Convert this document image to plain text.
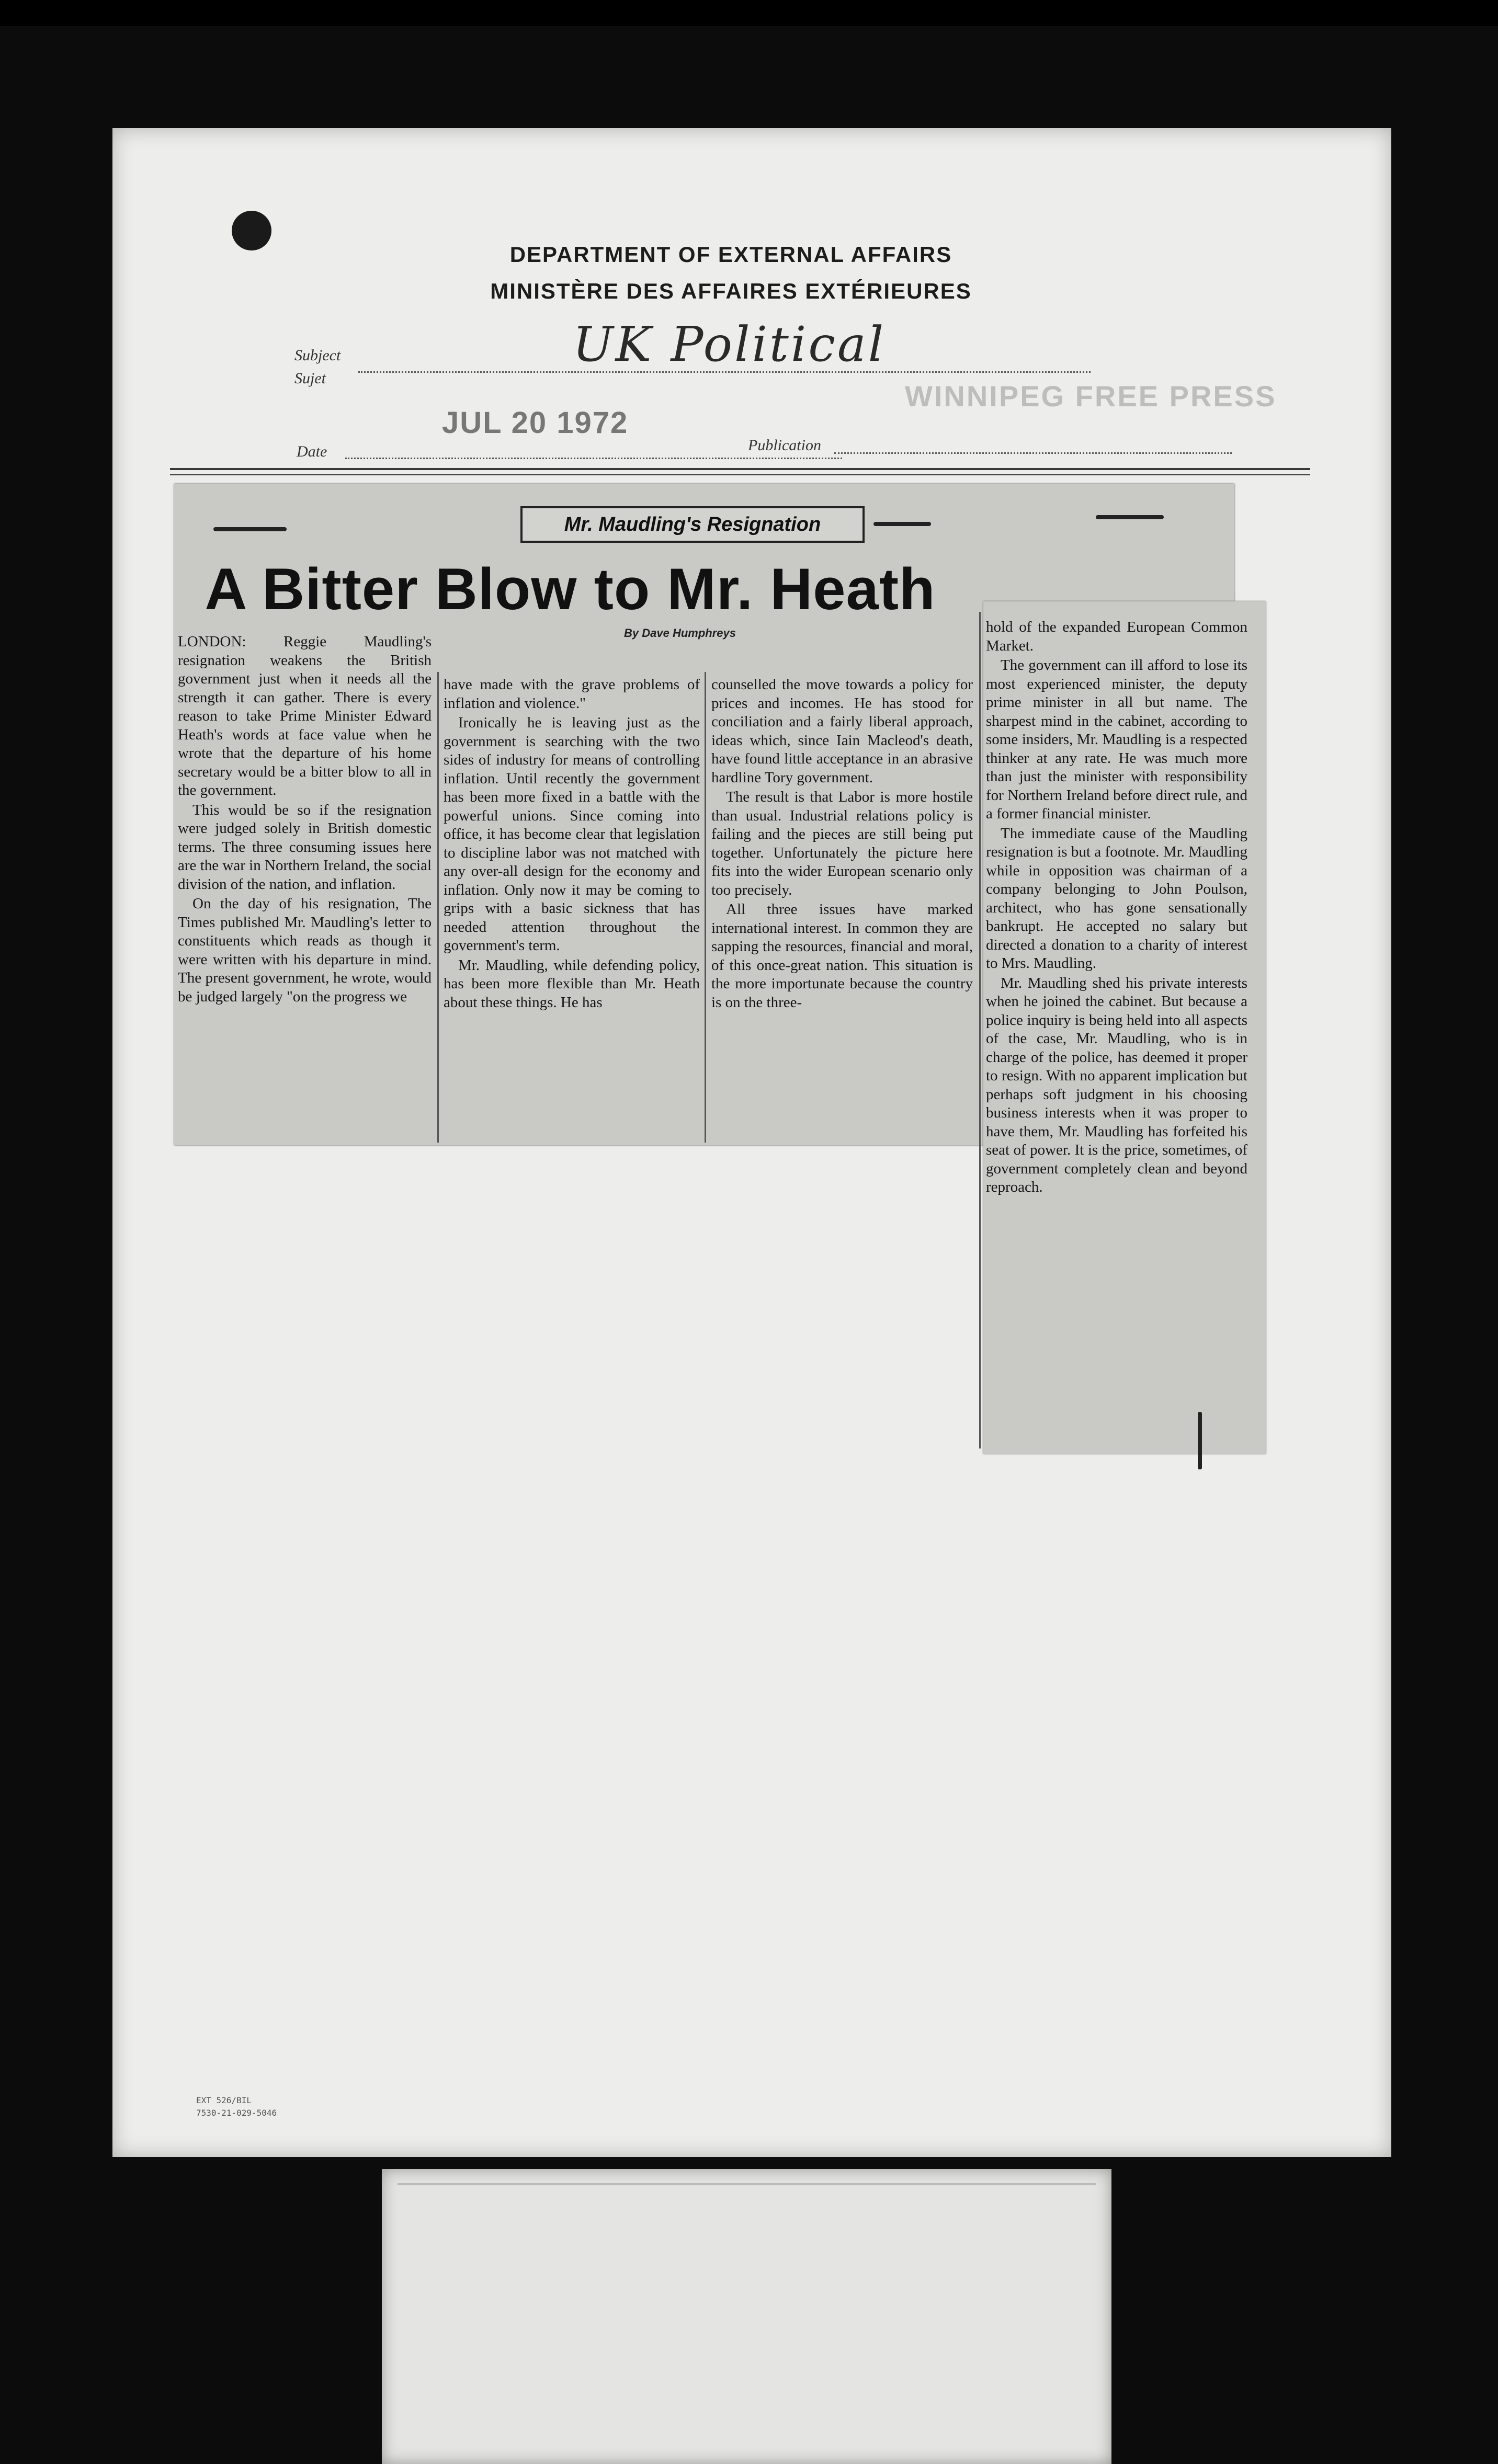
DEPARTMENT OF EXTERNAL AFFAIRS
MINISTÈRE DES AFFAIRES EXTÉRIEURES
Subject
Sujet
UK Political
Date
JUL 20 1972
Publication
WINNIPEG FREE PRESS
EXT 526/BIL
7530-21-029-5046
Mr. Maudling's Resignation
A Bitter Blow to Mr. Heath
By Dave Humphreys

LONDON: Reggie Maudling's resignation weakens the British government just when it needs all the strength it can gather. There is every reason to take Prime Minister Edward Heath's words at face value when he wrote that the departure of his home secretary would be a bitter blow to all in the government.

This would be so if the resignation were judged solely in British domestic terms. The three consuming issues here are the war in Northern Ireland, the social division of the nation, and inflation.

On the day of his resignation, The Times published Mr. Maudling's letter to constituents which reads as though it were written with his departure in mind. The present government, he wrote, would be judged largely "on the progress we

have made with the grave problems of inflation and violence."

Ironically he is leaving just as the government is searching with the two sides of industry for means of controlling inflation. Until recently the government has been more fixed in a battle with the powerful unions. Since coming into office, it has become clear that legislation to discipline labor was not matched with any over-all design for the economy and inflation. Only now it may be coming to grips with a basic sickness that has needed attention throughout the government's term.

Mr. Maudling, while defending policy, has been more flexible than Mr. Heath about these things. He has

counselled the move towards a policy for prices and incomes. He has stood for conciliation and a fairly liberal approach, ideas which, since Iain Macleod's death, have found little acceptance in an abrasive hardline Tory government.

The result is that Labor is more hostile than usual. Industrial relations policy is failing and the pieces are still being put together. Unfortunately the picture here fits into the wider European scenario only too precisely.

All three issues have marked international interest. In common they are sapping the resources, financial and moral, of this once-great nation. This situation is the more importunate because the country is on the three-

hold of the expanded European Common Market.

The government can ill afford to lose its most experienced minister, the deputy prime minister in all but name. The sharpest mind in the cabinet, according to some insiders, Mr. Maudling is a respected thinker at any rate. He was much more than just the minister with responsibility for Northern Ireland before direct rule, and a former financial minister.

The immediate cause of the Maudling resignation is but a footnote. Mr. Maudling while in opposition was chairman of a company belonging to John Poulson, architect, who has gone sensationally bankrupt. He accepted no salary but directed a donation to a charity of interest to Mrs. Maudling.

Mr. Maudling shed his private interests when he joined the cabinet. But because a police inquiry is being held into all aspects of the case, Mr. Maudling, who is in charge of the police, has deemed it proper to resign. With no apparent implication but perhaps soft judgment in his choosing business interests when it was proper to have them, Mr. Maudling has forfeited his seat of power. It is the price, sometimes, of government completely clean and beyond reproach.
